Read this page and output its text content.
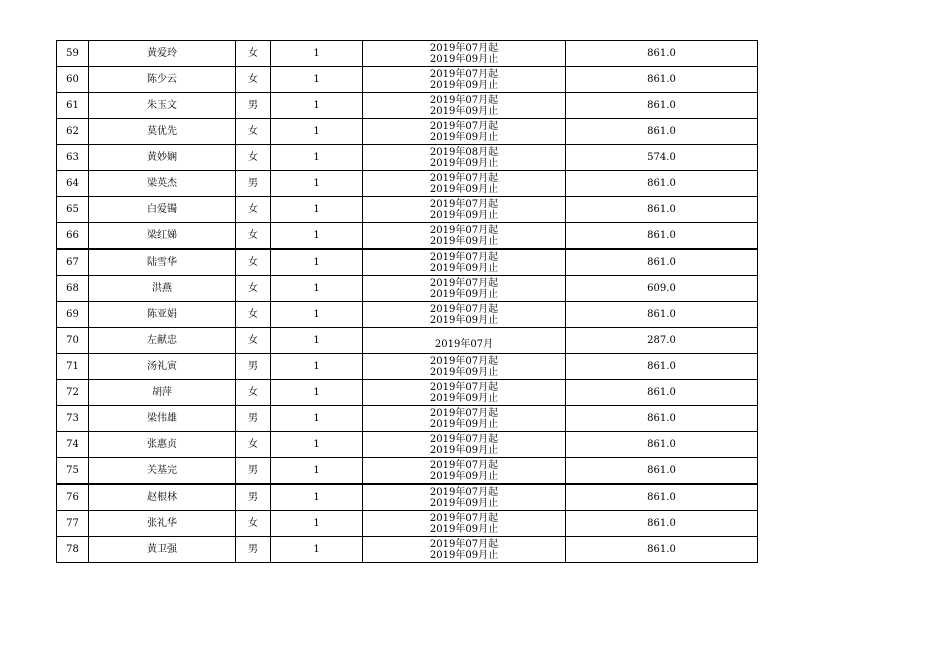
59	黄爱玲	女	1	2019年07月起
2019年09月止	861.0
60	陈少云	女	1	2019年07月起
2019年09月止	861.0
61	朱玉文	男	1	2019年07月起
2019年09月止	861.0
62	莫优先	女	1	2019年07月起
2019年09月止	861.0
63	黄妙娴	女	1	2019年08月起
2019年09月止	574.0
64	梁英杰	男	1	2019年07月起
2019年09月止	861.0
65	白爱镯	女	1	2019年07月起
2019年09月止	861.0
66	梁红娣	女	1	2019年07月起
2019年09月止	861.0
67	陆雪华	女	1	2019年07月起
2019年09月止	861.0
68	洪燕	女	1	2019年07月起
2019年09月止	609.0
69	陈亚娟	女	1	2019年07月起
2019年09月止	861.0
70	左献忠	女	1	2019年07月	287.0
71	汤礼寅	男	1	2019年07月起
2019年09月止	861.0
72	胡萍	女	1	2019年07月起
2019年09月止	861.0
73	梁伟雄	男	1	2019年07月起
2019年09月止	861.0
74	张惠贞	女	1	2019年07月起
2019年09月止	861.0
75	关基完	男	1	2019年07月起
2019年09月止	861.0
76	赵根林	男	1	2019年07月起
2019年09月止	861.0
77	张礼华	女	1	2019年07月起
2019年09月止	861.0
78	黄卫强	男	1	2019年07月起
2019年09月止	861.0
